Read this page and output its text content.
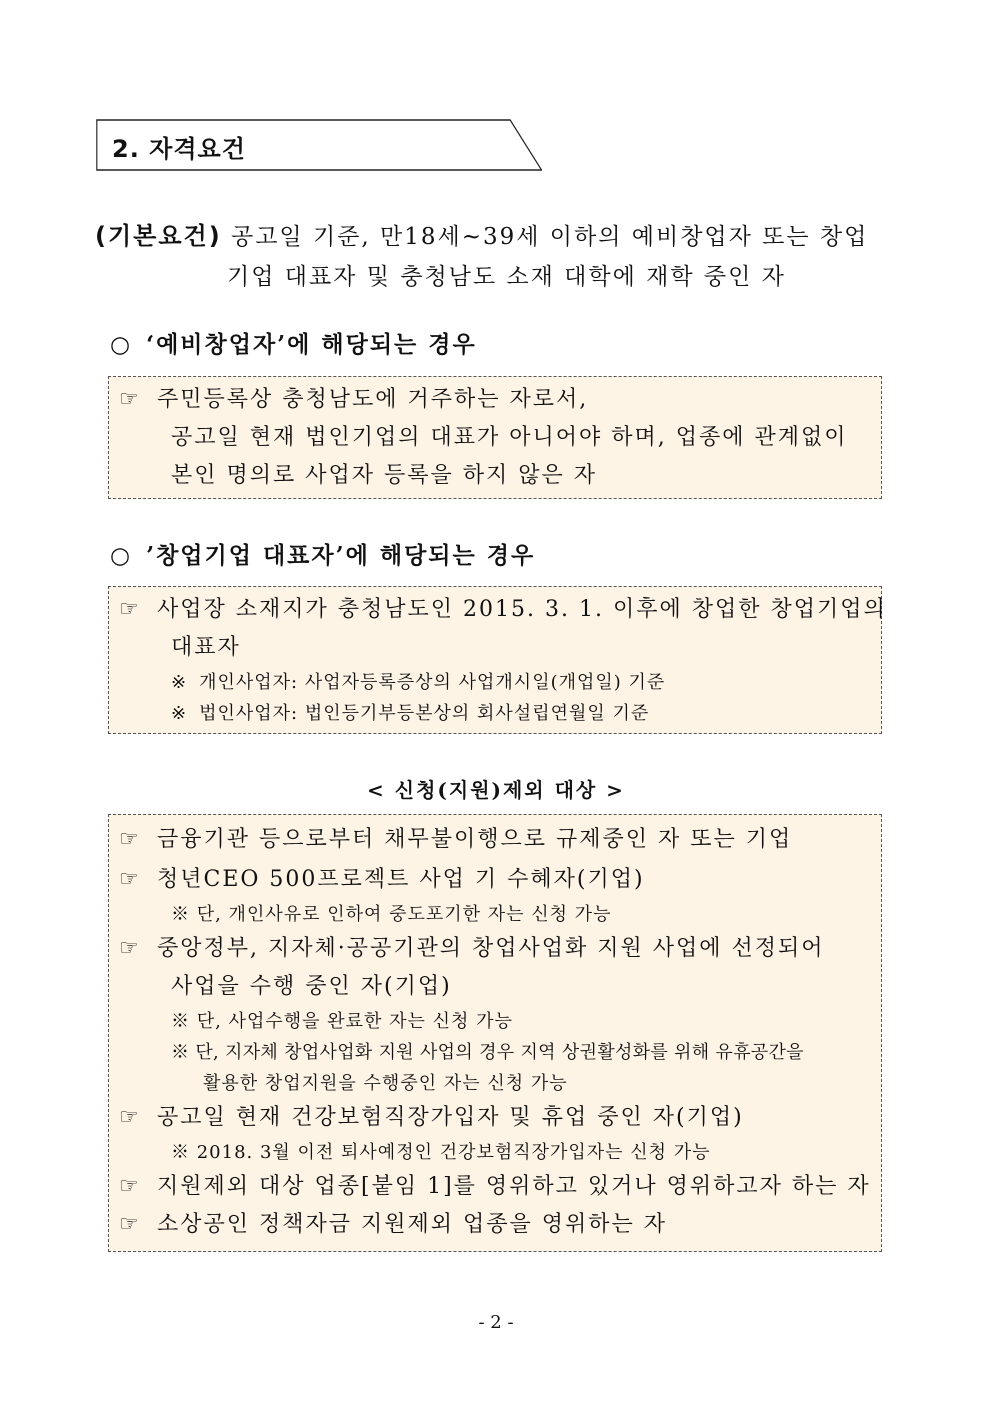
2. 자격요건
(기본요건) 공고일 기준, 만18세~39세 이하의 예비창업자 또는 창업
기업 대표자 및 충청남도 소재 대학에 재학 중인 자
○ ‘예비창업자’에 해당되는 경우
☞ 주민등록상 충청남도에 거주하는 자로서,
공고일 현재 법인기업의 대표가 아니어야 하며, 업종에 관계없이
본인 명의로 사업자 등록을 하지 않은 자
○ ’창업기업 대표자’에 해당되는 경우
☞ 사업장 소재지가 충청남도인 2015. 3. 1. 이후에 창업한 창업기업의
대표자
※ 개인사업자: 사업자등록증상의 사업개시일(개업일) 기준
※ 법인사업자: 법인등기부등본상의 회사설립연월일 기준
< 신청(지원)제외 대상 >
☞ 금융기관 등으로부터 채무불이행으로 규제중인 자 또는 기업
☞ 청년CEO 500프로젝트 사업 기 수혜자(기업)
※ 단, 개인사유로 인하여 중도포기한 자는 신청 가능
☞ 중앙정부, 지자체·공공기관의 창업사업화 지원 사업에 선정되어
사업을 수행 중인 자(기업)
※ 단, 사업수행을 완료한 자는 신청 가능
※ 단, 지자체 창업사업화 지원 사업의 경우 지역 상권활성화를 위해 유휴공간을
활용한 창업지원을 수행중인 자는 신청 가능
☞ 공고일 현재 건강보험직장가입자 및 휴업 중인 자(기업)
※ 2018. 3월 이전 퇴사예정인 건강보험직장가입자는 신청 가능
☞ 지원제외 대상 업종[붙임 1]를 영위하고 있거나 영위하고자 하는 자
☞ 소상공인 정책자금 지원제외 업종을 영위하는 자
- 2 -
